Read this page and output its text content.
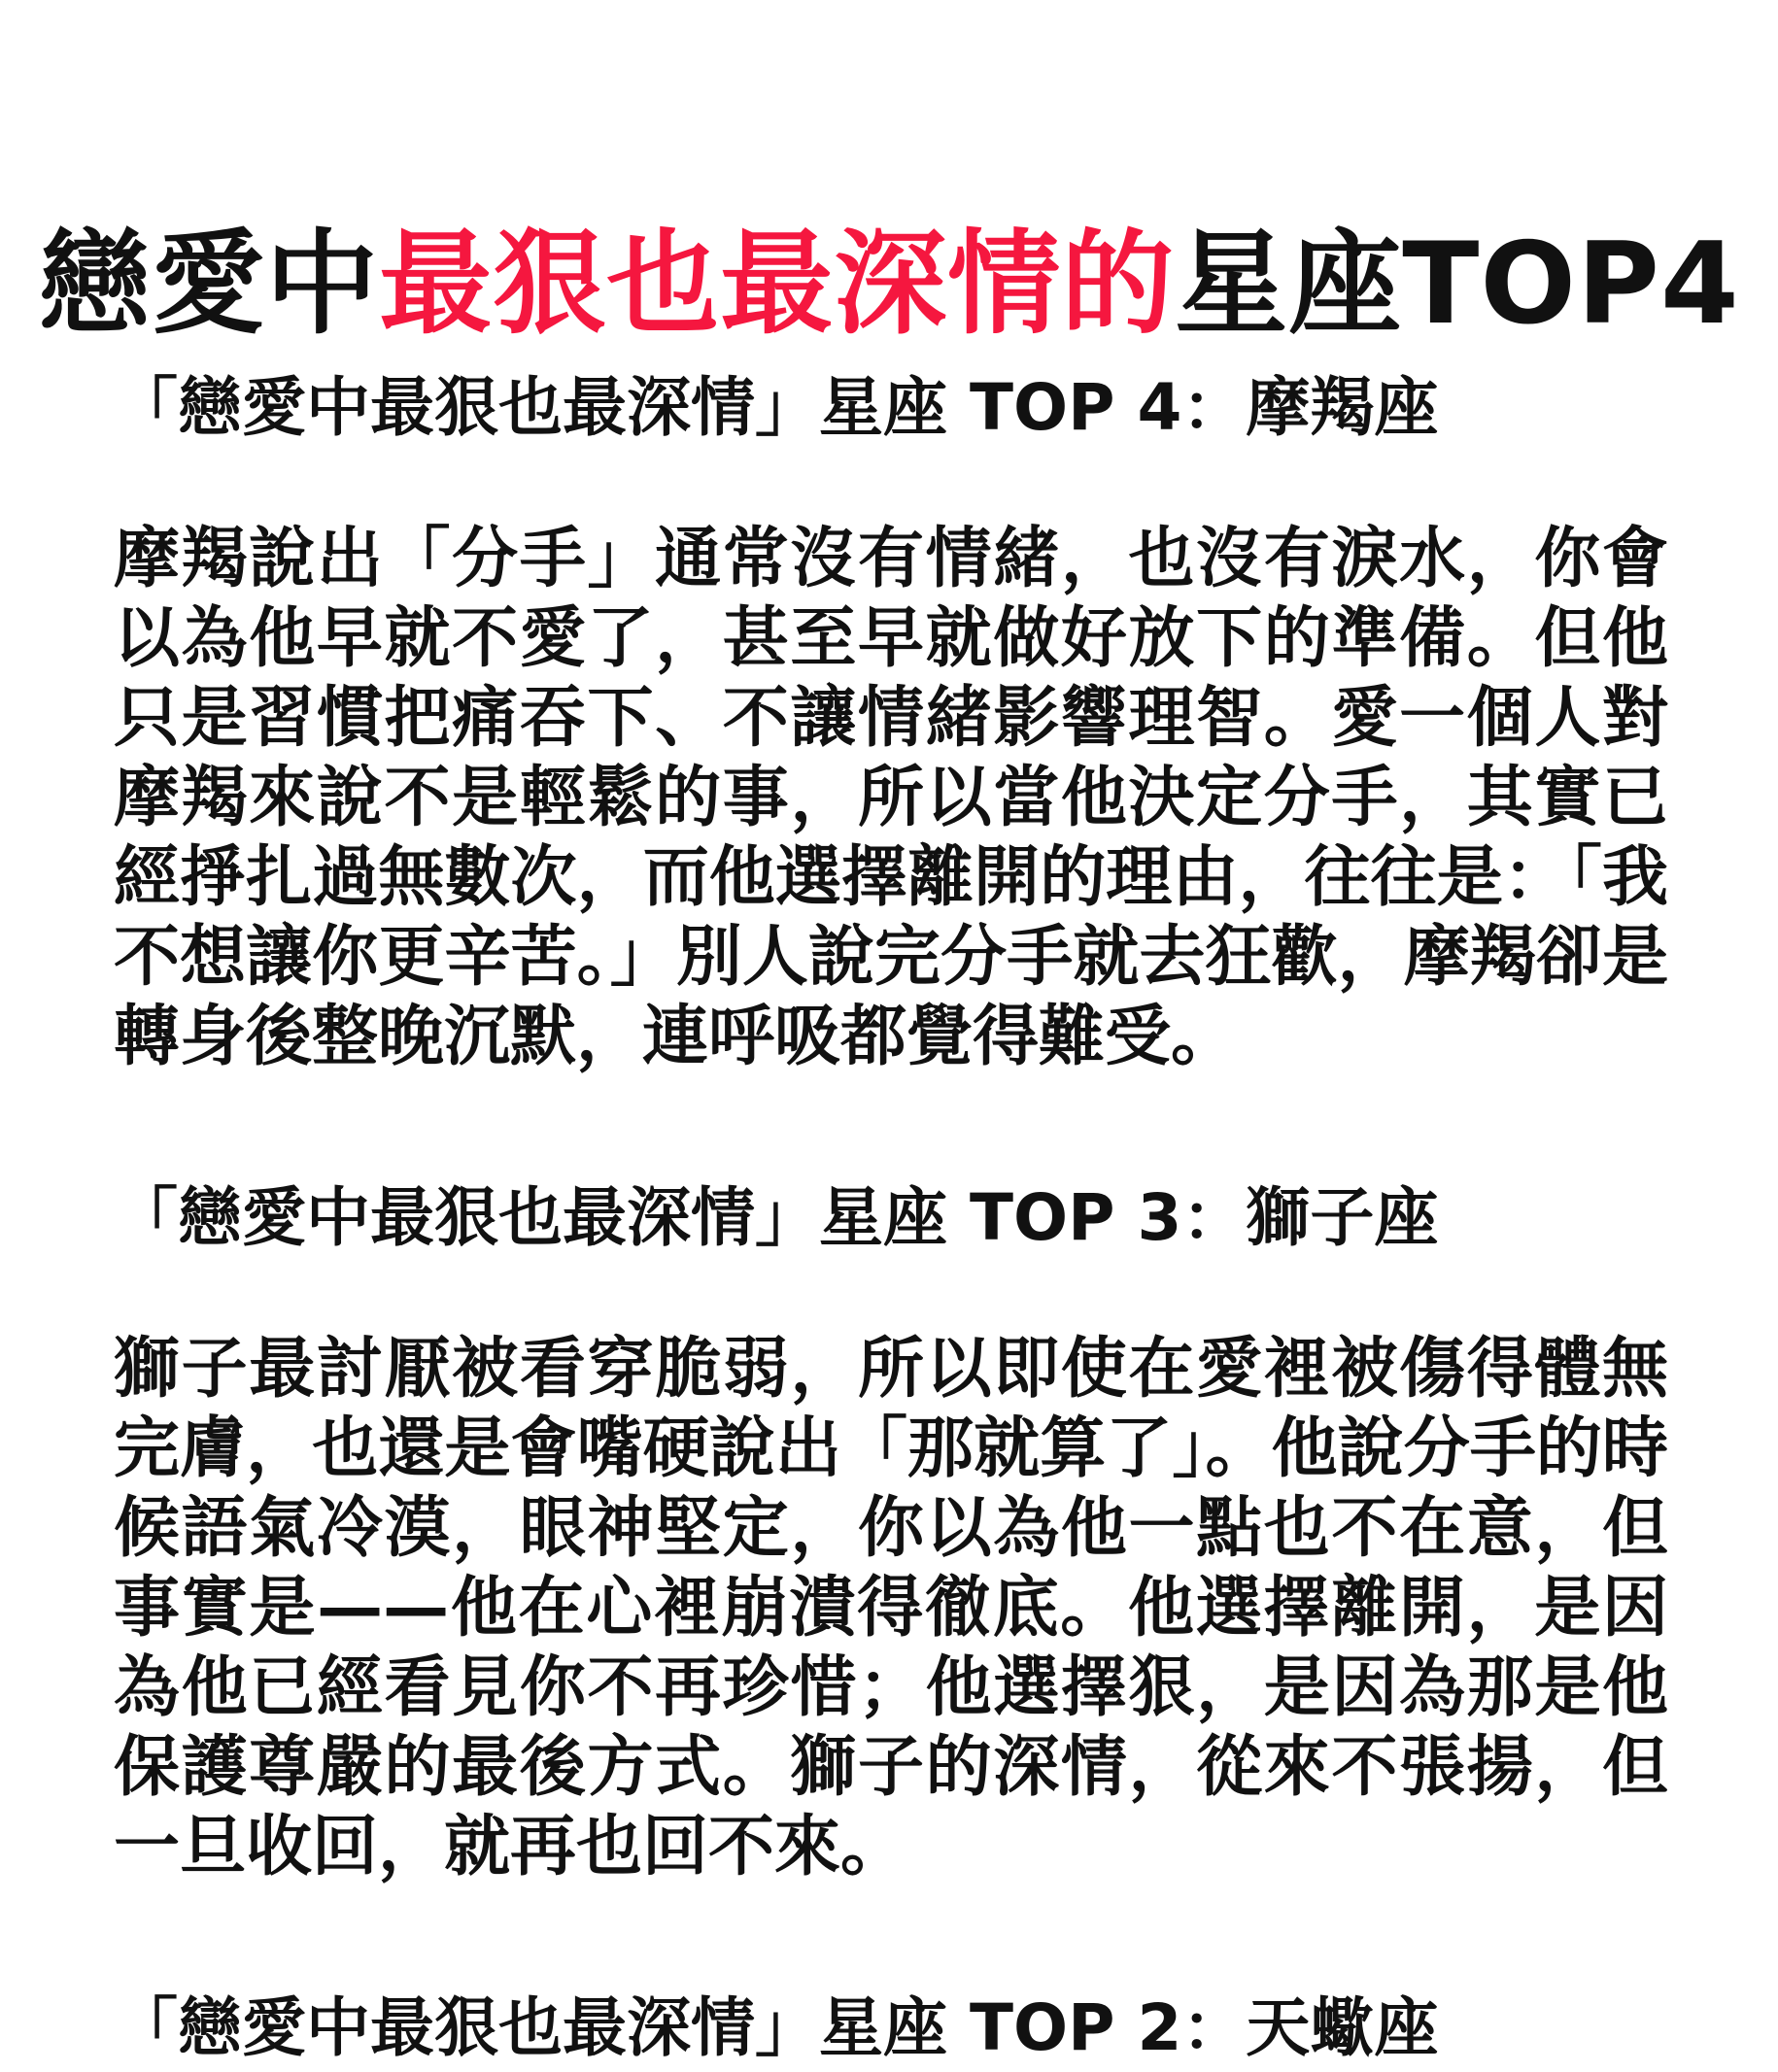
戀愛中最狠也最深情的星座TOP4

「戀愛中最狠也最深情」星座 TOP 4：摩羯座

摩羯說出「分手」通常沒有情緒，也沒有淚水，你會以為他早就不愛了，甚至早就做好放下的準備。但他只是習慣把痛吞下、不讓情緒影響理智。愛一個人對摩羯來說不是輕鬆的事，所以當他決定分手，其實已經掙扎過無數次，而他選擇離開的理由，往往是：「我不想讓你更辛苦。」別人說完分手就去狂歡，摩羯卻是轉身後整晚沉默，連呼吸都覺得難受。

「戀愛中最狠也最深情」星座 TOP 3：獅子座

獅子最討厭被看穿脆弱，所以即使在愛裡被傷得體無完膚，也還是會嘴硬說出「那就算了」。他說分手的時候語氣冷漠，眼神堅定，你以為他一點也不在意，但事實是——他在心裡崩潰得徹底。他選擇離開，是因為他已經看見你不再珍惜；他選擇狠，是因為那是他保護尊嚴的最後方式。獅子的深情，從來不張揚，但一旦收回，就再也回不來。

「戀愛中最狠也最深情」星座 TOP 2：天蠍座
